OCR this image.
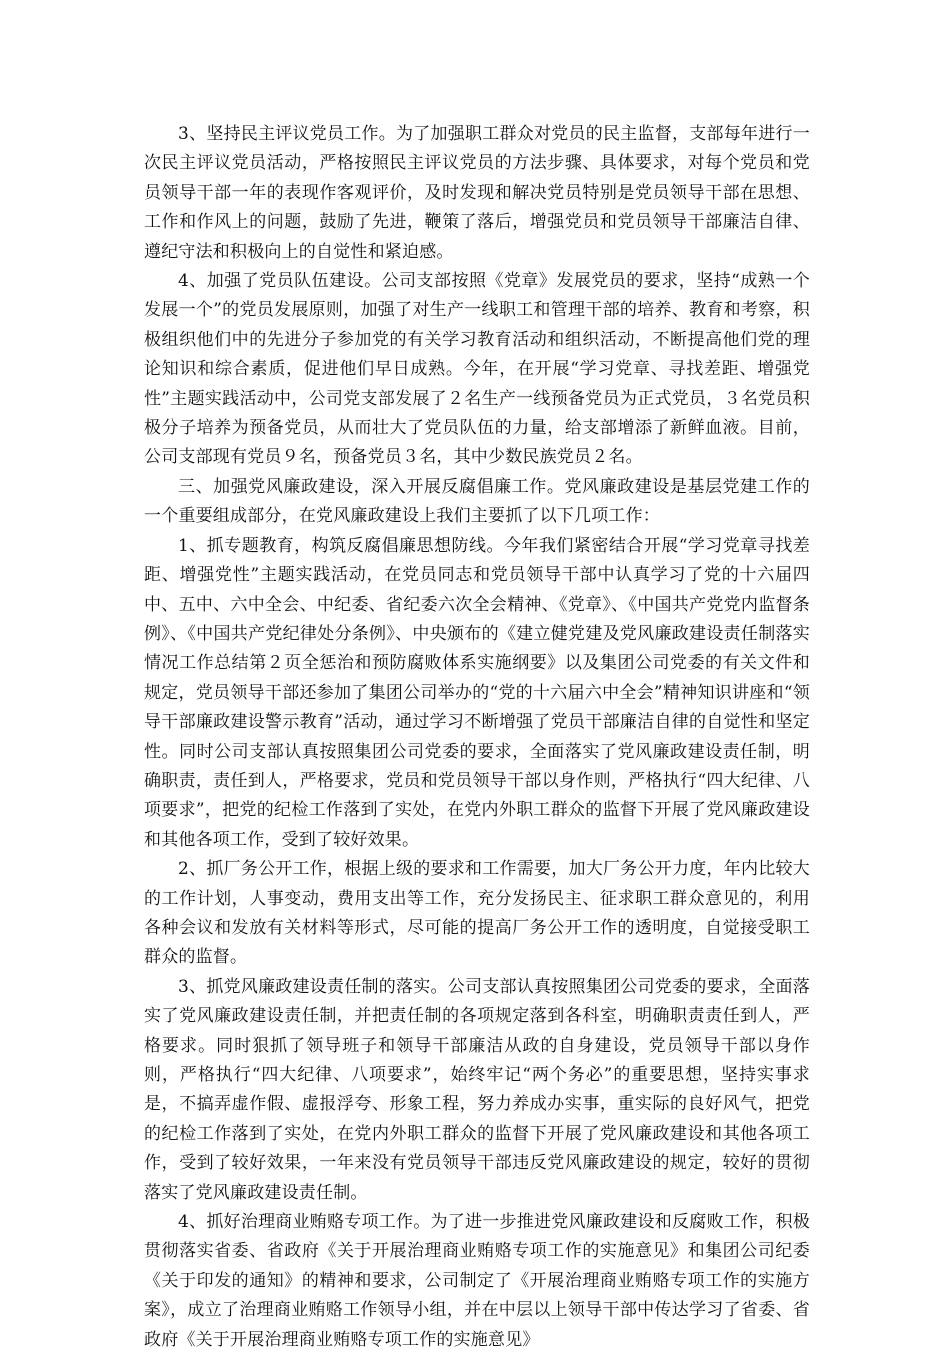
3、坚持民主评议党员工作。为了加强职工群众对党员的民主监督，支部每年进行一次民主评议党员活动，严格按照民主评议党员的方法步骤、具体要求，对每个党员和党员领导干部一年的表现作客观评价，及时发现和解决党员特别是党员领导干部在思想、工作和作风上的问题，鼓励了先进，鞭策了落后，增强党员和党员领导干部廉洁自律、遵纪守法和积极向上的自觉性和紧迫感。

4、加强了党员队伍建设。公司支部按照《党章》发展党员的要求，坚持“成熟一个发展一个”的党员发展原则，加强了对生产一线职工和管理干部的培养、教育和考察，积极组织他们中的先进分子参加党的有关学习教育活动和组织活动，不断提高他们党的理论知识和综合素质，促进他们早日成熟。今年，在开展“学习党章、寻找差距、增强党性”主题实践活动中，公司党支部发展了２名生产一线预备党员为正式党员，３名党员积极分子培养为预备党员，从而壮大了党员队伍的力量，给支部增添了新鲜血液。目前，公司支部现有党员９名，预备党员３名，其中少数民族党员２名。

三、加强党风廉政建设，深入开展反腐倡廉工作。党风廉政建设是基层党建工作的一个重要组成部分，在党风廉政建设上我们主要抓了以下几项工作：

1、抓专题教育，构筑反腐倡廉思想防线。今年我们紧密结合开展“学习党章寻找差距、增强党性”主题实践活动，在党员同志和党员领导干部中认真学习了党的十六届四中、五中、六中全会、中纪委、省纪委六次全会精神、《党章》、《中国共产党党内监督条例》、《中国共产党纪律处分条例》、中央颁布的《建立健党建及党风廉政建设责任制落实情况工作总结第２页全惩治和预防腐败体系实施纲要》以及集团公司党委的有关文件和规定，党员领导干部还参加了集团公司举办的“党的十六届六中全会”精神知识讲座和“领导干部廉政建设警示教育”活动，通过学习不断增强了党员干部廉洁自律的自觉性和坚定性。同时公司支部认真按照集团公司党委的要求，全面落实了党风廉政建设责任制，明确职责，责任到人，严格要求，党员和党员领导干部以身作则，严格执行“四大纪律、八项要求”，把党的纪检工作落到了实处，在党内外职工群众的监督下开展了党风廉政建设和其他各项工作，受到了较好效果。

2、抓厂务公开工作，根据上级的要求和工作需要，加大厂务公开力度，年内比较大的工作计划，人事变动，费用支出等工作，充分发扬民主、征求职工群众意见的，利用各种会议和发放有关材料等形式，尽可能的提高厂务公开工作的透明度，自觉接受职工群众的监督。

3、抓党风廉政建设责任制的落实。公司支部认真按照集团公司党委的要求，全面落实了党风廉政建设责任制，并把责任制的各项规定落到各科室，明确职责责任到人，严格要求。同时狠抓了领导班子和领导干部廉洁从政的自身建设，党员领导干部以身作则，严格执行“四大纪律、八项要求”，始终牢记“两个务必”的重要思想，坚持实事求是，不搞弄虚作假、虚报浮夸、形象工程，努力养成办实事，重实际的良好风气，把党的纪检工作落到了实处，在党内外职工群众的监督下开展了党风廉政建设和其他各项工作，受到了较好效果，一年来没有党员领导干部违反党风廉政建设的规定，较好的贯彻落实了党风廉政建设责任制。

4、抓好治理商业贿赂专项工作。为了进一步推进党风廉政建设和反腐败工作，积极贯彻落实省委、省政府《关于开展治理商业贿赂专项工作的实施意见》和集团公司纪委《关于印发的通知》的精神和要求，公司制定了《开展治理商业贿赂专项工作的实施方案》，成立了治理商业贿赂工作领导小组，并在中层以上领导干部中传达学习了省委、省政府《关于开展治理商业贿赂专项工作的实施意见》
